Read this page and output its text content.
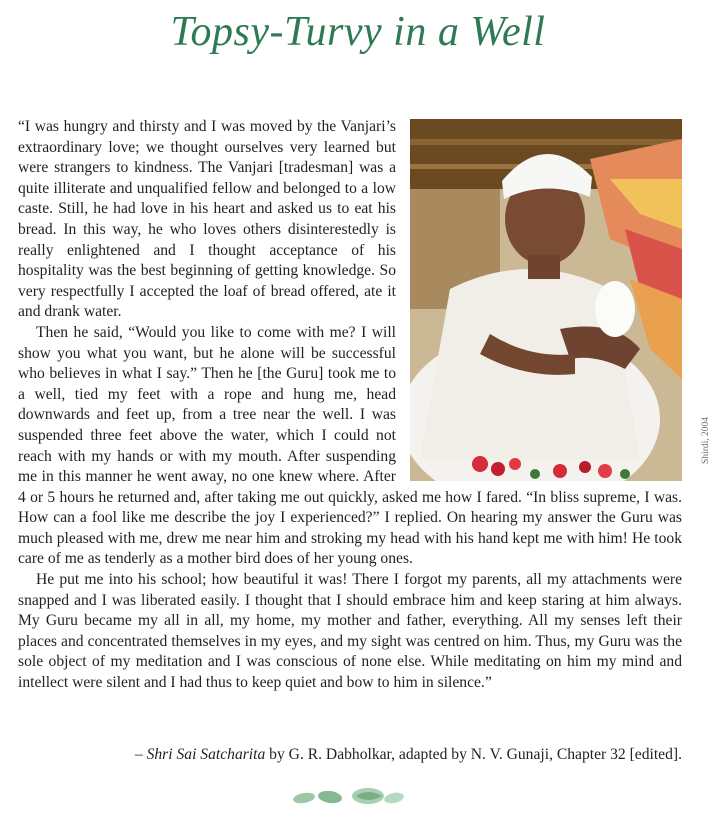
Topsy-Turvy in a Well
Shirdi, 2004

“I was hungry and thirsty and I was moved by the Vanjari’s extraordinary love; we thought ourselves very learned but were strangers to kindness. The Vanjari [tradesman] was a quite illiterate and unqualified fellow and belonged to a low caste. Still, he had love in his heart and asked us to eat his bread. In this way, he who loves others disinterestedly is really enlightened and I thought acceptance of his hospitality was the best beginning of getting knowledge. So very respectfully I accepted the loaf of bread offered, ate it and drank water.

Then he said, “Would you like to come with me? I will show you what you want, but he alone will be successful who believes in what I say.” Then he [the Guru] took me to a well, tied my feet with a rope and hung me, head downwards and feet up, from a tree near the well. I was suspended three feet above the water, which I could not reach with my hands or with my mouth. After suspending me in this manner he went away, no one knew where. After 4 or 5 hours he returned and, after taking me out quickly, asked me how I fared. “In bliss supreme, I was. How can a fool like me describe the joy I experienced?” I replied. On hearing my answer the Guru was much pleased with me, drew me near him and stroking my head with his hand kept me with him! He took care of me as tenderly as a mother bird does of her young ones.

He put me into his school; how beautiful it was! There I forgot my parents, all my attachments were snapped and I was liberated easily. I thought that I should embrace him and keep staring at him always. My Guru became my all in all, my home, my mother and father, everything. All my senses left their places and concentrated themselves in my eyes, and my sight was centred on him. Thus, my Guru was the sole object of my meditation and I was conscious of none else. While meditating on him my mind and intellect were silent and I had thus to keep quiet and bow to him in silence.”

– Shri Sai Satcharita by G. R. Dabholkar, adapted by N. V. Gunaji, Chapter 32 [edited].
